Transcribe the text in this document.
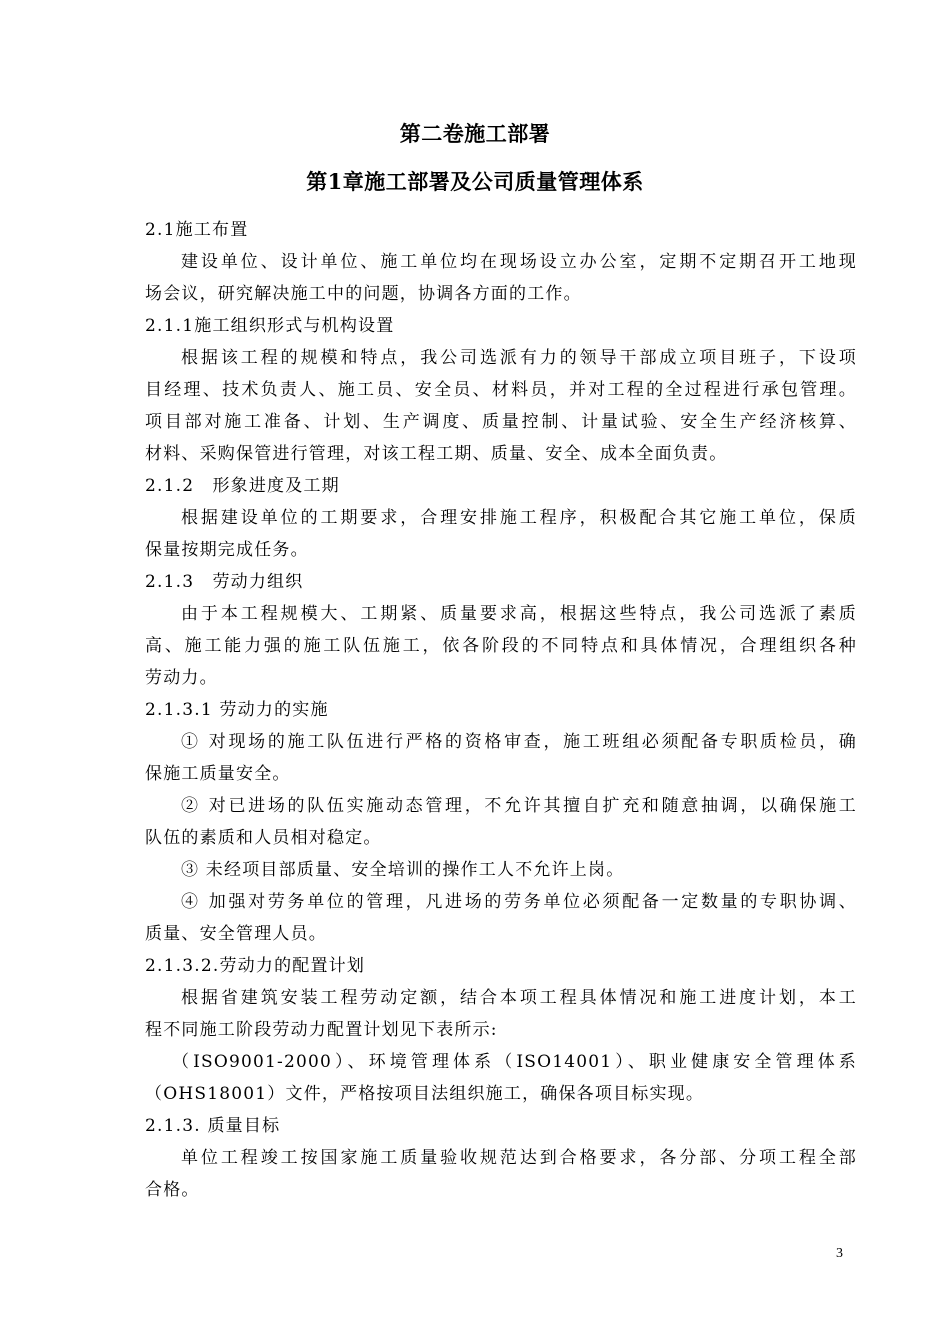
第二卷施工部署
第1章施工部署及公司质量管理体系
2.1施工布置
建设单位、设计单位、施工单位均在现场设立办公室，定期不定期召开工地现
场会议，研究解决施工中的问题，协调各方面的工作。
2.1.1施工组织形式与机构设置
根据该工程的规模和特点，我公司选派有力的领导干部成立项目班子，下设项
目经理、技术负责人、施工员、安全员、材料员，并对工程的全过程进行承包管理。
项目部对施工准备、计划、生产调度、质量控制、计量试验、安全生产经济核算、
材料、采购保管进行管理，对该工程工期、质量、安全、成本全面负责。
2.1.2　形象进度及工期
根据建设单位的工期要求，合理安排施工程序，积极配合其它施工单位，保质
保量按期完成任务。
2.1.3　劳动力组织
由于本工程规模大、工期紧、质量要求高，根据这些特点，我公司选派了素质
高、施工能力强的施工队伍施工，依各阶段的不同特点和具体情况，合理组织各种
劳动力。
2.1.3.1 劳动力的实施
① 对现场的施工队伍进行严格的资格审查，施工班组必须配备专职质检员，确
保施工质量安全。
② 对已进场的队伍实施动态管理，不允许其擅自扩充和随意抽调，以确保施工
队伍的素质和人员相对稳定。
③ 未经项目部质量、安全培训的操作工人不允许上岗。
④ 加强对劳务单位的管理，凡进场的劳务单位必须配备一定数量的专职协调、
质量、安全管理人员。
2.1.3.2.劳动力的配置计划
根据省建筑安装工程劳动定额，结合本项工程具体情况和施工进度计划，本工
程不同施工阶段劳动力配置计划见下表所示:
（ISO9001-2000）、环境管理体系（ISO14001）、职业健康安全管理体系
（OHS18001）文件，严格按项目法组织施工，确保各项目标实现。
2.1.3. 质量目标
单位工程竣工按国家施工质量验收规范达到合格要求，各分部、分项工程全部
合格。
3
